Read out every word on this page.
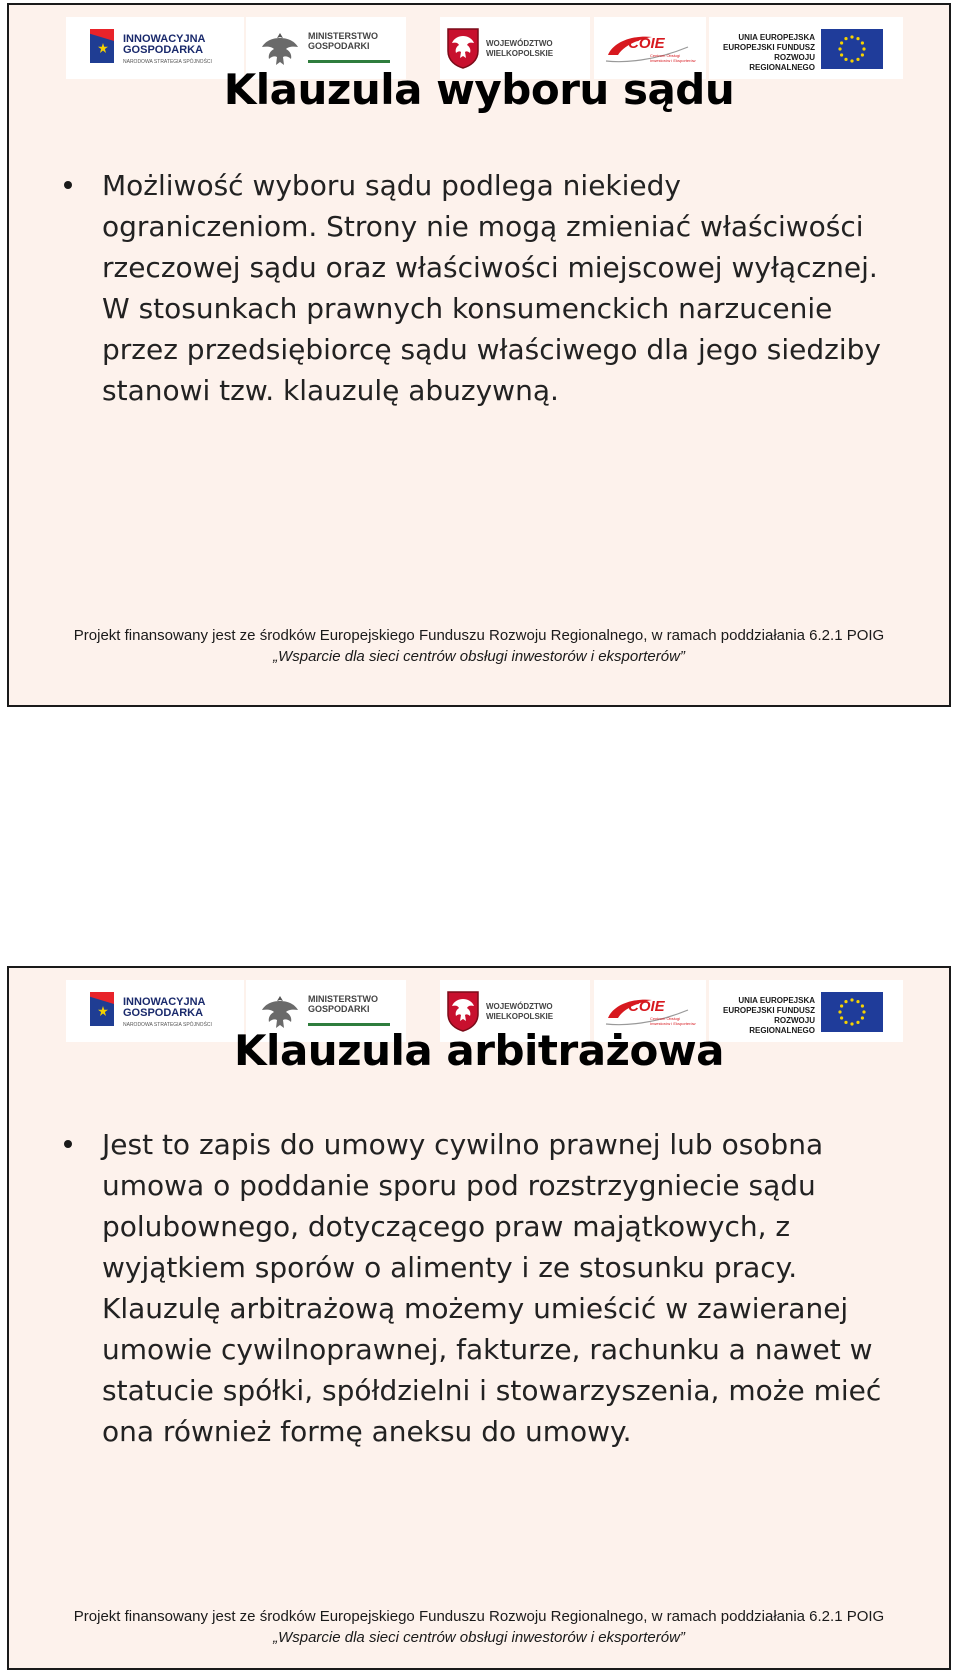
INNOWACYJNA GOSPODARKA
NARODOWA STRATEGIA SPÓJNOŚCI
MINISTERSTWO GOSPODARKI	WOJEWÓDZTWO WIELKOPOLSKIE
COIE
Centrum Obsługi Inwestorów i Eksporterów
UNIA EUROPEJSKA EUROPEJSKI FUNDUSZ ROZWOJU REGIONALNEGO
Klauzula wyboru sądu

Możliwość wyboru sądu podlega niekiedy ograniczeniom. Strony nie mogą zmieniać właściwości rzeczowej sądu oraz właściwości miejscowej wyłącznej. W stosunkach prawnych konsumenckich narzucenie przez przedsiębiorcę sądu właściwego dla jego siedziby stanowi tzw. klauzulę abuzywną.

Projekt finansowany jest ze środków Europejskiego Funduszu Rozwoju Regionalnego, w ramach poddziałania 6.2.1 POIG
„Wsparcie dla sieci centrów obsługi inwestorów i eksporterów”
INNOWACYJNA GOSPODARKA
NARODOWA STRATEGIA SPÓJNOŚCI
MINISTERSTWO GOSPODARKI	WOJEWÓDZTWO WIELKOPOLSKIE
COIE
Centrum Obsługi Inwestorów i Eksporterów
UNIA EUROPEJSKA EUROPEJSKI FUNDUSZ ROZWOJU REGIONALNEGO
Klauzula arbitrażowa

Jest to zapis do umowy cywilno prawnej lub osobna umowa o poddanie sporu pod rozstrzygniecie sądu polubownego, dotyczącego praw majątkowych, z wyjątkiem sporów o alimenty i ze stosunku pracy. Klauzulę arbitrażową możemy umieścić w zawieranej umowie cywilnoprawnej, fakturze, rachunku a nawet w statucie spółki, spółdzielni i stowarzyszenia, może mieć ona również formę aneksu do umowy.

Projekt finansowany jest ze środków Europejskiego Funduszu Rozwoju Regionalnego, w ramach poddziałania 6.2.1 POIG
„Wsparcie dla sieci centrów obsługi inwestorów i eksporterów”
